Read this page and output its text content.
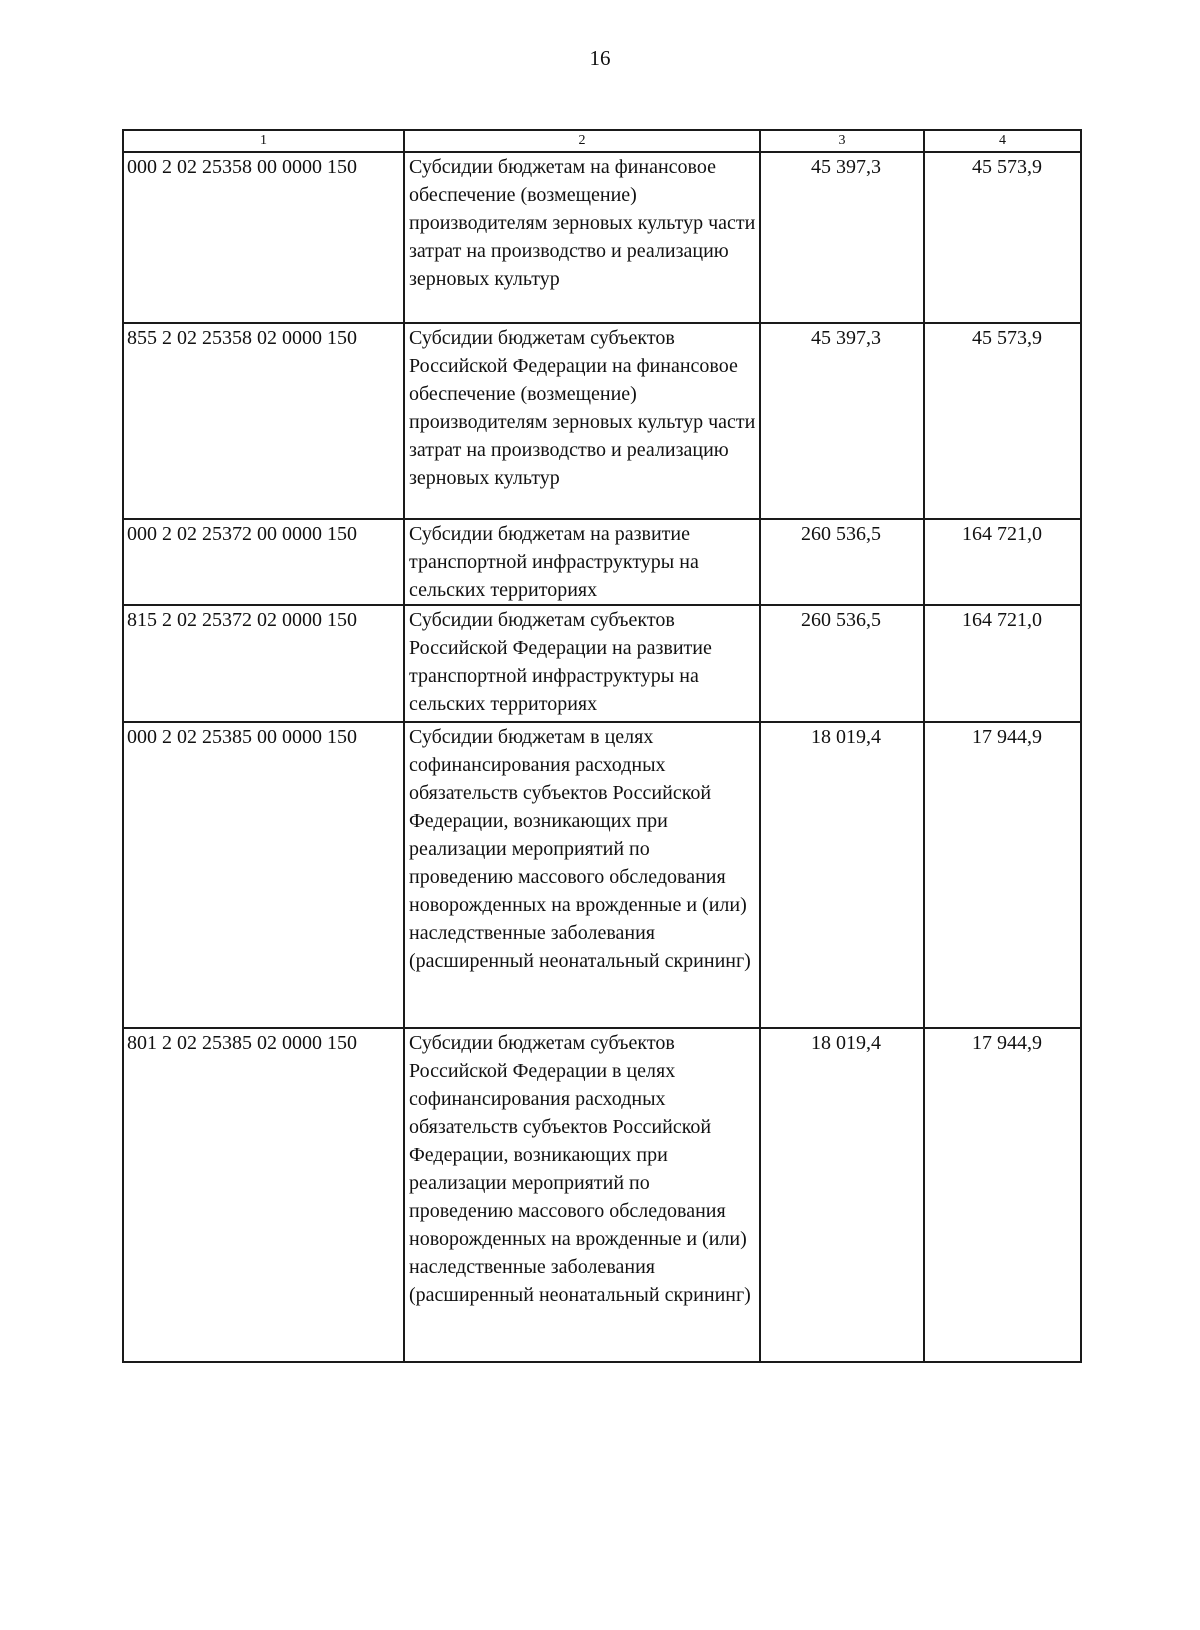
16
1	2	3	4
000 2 02 25358 00 0000 150	Субсидии бюджетам на финансовое обеспечение (возмещение) производителям зерновых культур части затрат на производство и реализацию зерновых культур	45 397,3	45 573,9
855 2 02 25358 02 0000 150	Субсидии бюджетам субъектов Российской Федерации на финансовое обеспечение (возмещение) производителям зерновых культур части затрат на производство и реализацию зерновых культур	45 397,3	45 573,9
000 2 02 25372 00 0000 150	Субсидии бюджетам на развитие транспортной инфраструктуры на сельских территориях	260 536,5	164 721,0
815 2 02 25372 02 0000 150	Субсидии бюджетам субъектов Российской Федерации на развитие транспортной инфраструктуры на сельских территориях	260 536,5	164 721,0
000 2 02 25385 00 0000 150	Субсидии бюджетам в целях софинансирования расходных обязательств субъектов Российской Федерации, возникающих при реализации мероприятий по проведению массового обследования новорожденных на врожденные и (или) наследственные заболевания (расширенный неонатальный скрининг)	18 019,4	17 944,9
801 2 02 25385 02 0000 150	Субсидии бюджетам субъектов Российской Федерации в целях софинансирования расходных обязательств субъектов Российской Федерации, возникающих при реализации мероприятий по проведению массового обследования новорожденных на врожденные и (или) наследственные заболевания (расширенный неонатальный скрининг)	18 019,4	17 944,9
